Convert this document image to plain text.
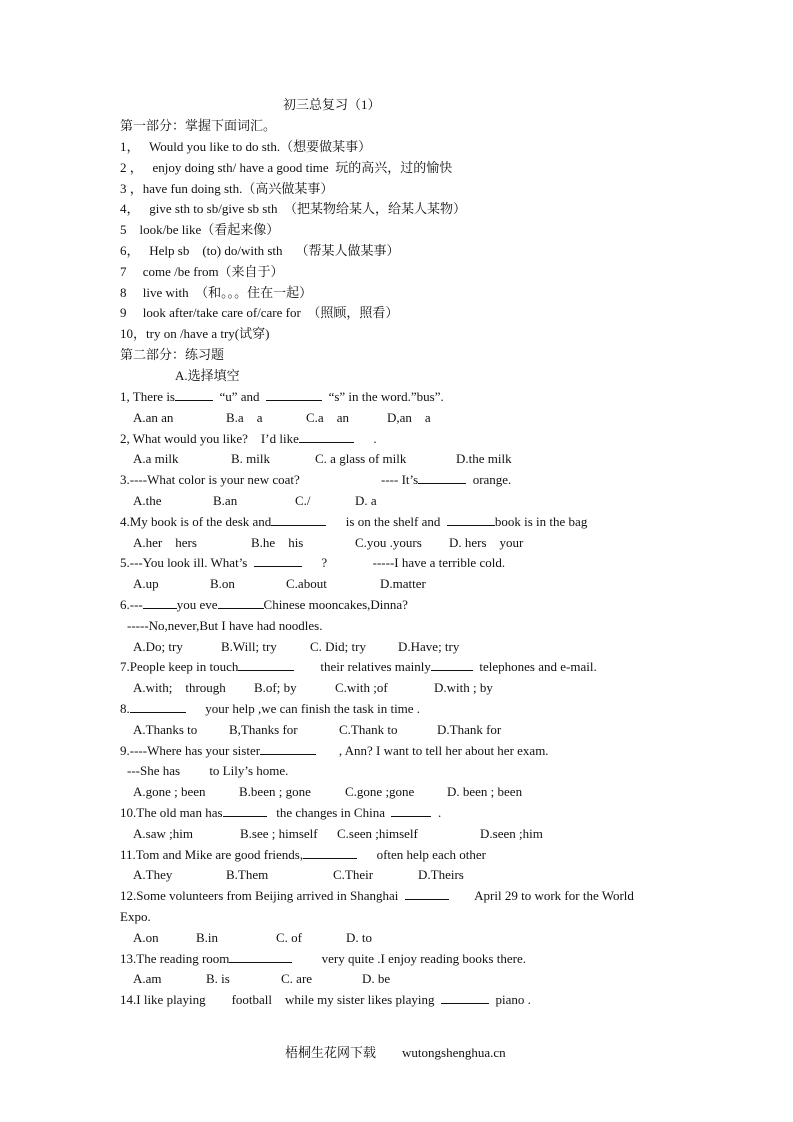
初三总复习（1）
第一部分：掌握下面词汇。
1，   Would you like to do sth.（想要做某事）
2 ，   enjoy doing sth/ have a good time  玩的高兴，过的愉快
3 ，have fun doing sth.（高兴做某事）
4，   give sth to sb/give sb sth  （把某物给某人，给某人某物）
5    look/be like（看起来像）
6，   Help sb    (to) do/with sth    （帮某人做某事）
7     come /be from（来自于）
8     live with  （和。。。住在一起）
9     look after/take care of/care for  （照顾，照看）
10，try on /have a try(试穿)
第二部分：练习题
A.选择填空
1, There is	“u” and	“s” in the word.”bus”.
A.an an	B.a    a	C.a    an	D,an    a
2, What would you like?    I’d like	.
A.a milk	B. milk	C. a glass of milk	D.the milk
3.----What color is your new coat?                         ---- It’s	orange.
A.the	B.an	C./	D. a
4.My book is of the desk and	is on the shelf and	book is in the bag
A.her    hers	B.he    his	C.you .yours D. hers    your
5.---You look ill. What’s	?              -----I have a terrible cold.
A.up	B.on	C.about	D.matter
6.---	you eve	Chinese mooncakes,Dinna?
-----No,never,But I have had noodles.
A.Do; try	B.Will; try	C. Did; try D.Have; try
7.People keep in touch	their relatives mainly	telephones and e-mail.
A.with;    through B.of; by	C.with ;of	D.with ; by
8.	your help ,we can finish the task in time .
A.Thanks to B,Thanks for	C.Thank to	D.Thank for
9.----Where has your sister	, Ann? I want to tell her about her exam.
---She has         to Lily’s home.
A.gone ; been	B.been ; gone	C.gone ;gone	D. been ; been
10.The old man has	the changes in China	.
A.saw ;him	B.see ; himself C.seen ;himself	D.seen ;him
11.Tom and Mike are good friends,	often help each other
A.They	B.Them	C.Their	D.Theirs
12.Some volunteers from Beijing arrived in Shanghai	April 29 to work for the World
Expo.
A.on	B.in	C. of	D. to
13.The reading room	very quite .I enjoy reading books there.
A.am	B. is	C. are	D. be
14.I like playing        football    while my sister likes playing	piano .
梧桐生花网下载 wutongshenghua.cn
